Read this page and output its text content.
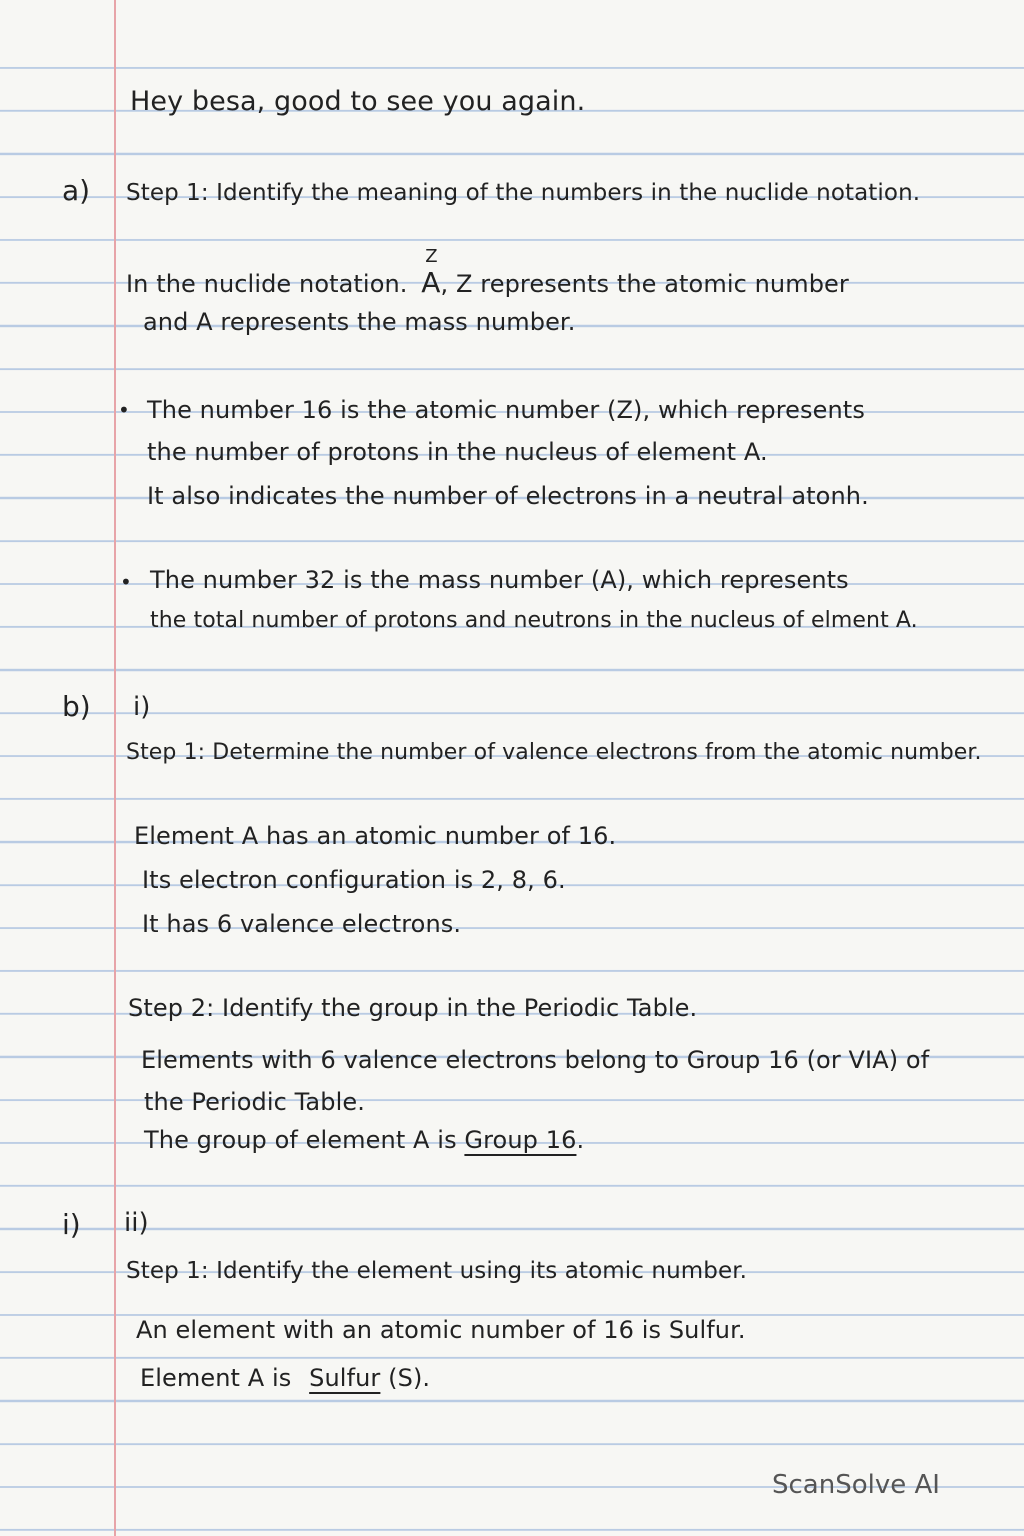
Hey besa, good to see you again.
a) Step 1: Identify the meaning of the numbers in the nuclide notation.
In the nuclide notation.
Z
A, Z represents the atomic number
and A represents the mass number.
• The number 16 is the atomic number (Z), which represents
the number of protons in the nucleus of element A.
It also indicates the number of electrons in a neutral atonh.
• The number 32 is the mass number (A), which represents
the total number of protons and neutrons in the nucleus of elment A.
b) i)
Step 1: Determine the number of valence electrons from the atomic number.
Element A has an atomic number of 16.
Its electron configuration is 2, 8, 6.
It has 6 valence electrons.
Step 2: Identify the group in the Periodic Table.
Elements with 6 valence electrons belong to Group 16 (or VIA) of
the Periodic Table.
The group of element A is Group 16.
i) ii)
Step 1: Identify the element using its atomic number.
An element with an atomic number of 16 is Sulfur.
Element A is Sulfur (S).
ScanSolve AI
